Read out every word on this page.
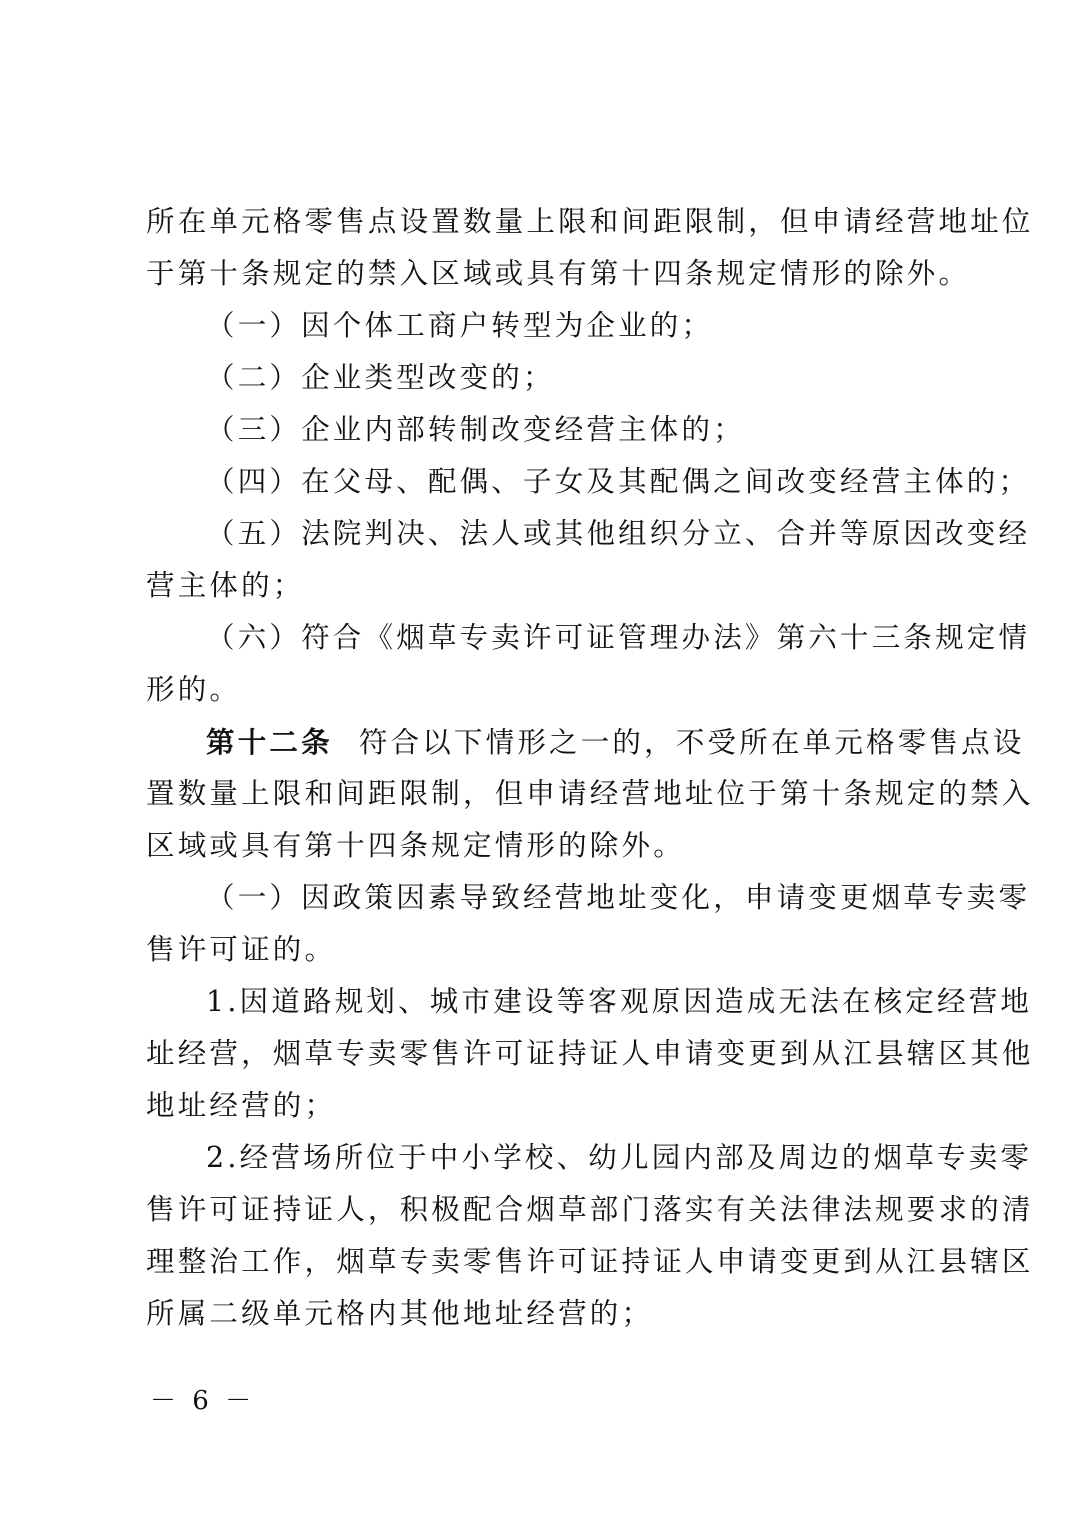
所在单元格零售点设置数量上限和间距限制，但申请经营地址位
于第十条规定的禁入区域或具有第十四条规定情形的除外。
（一）因个体工商户转型为企业的；
（二）企业类型改变的；
（三）企业内部转制改变经营主体的；
（四）在父母、配偶、子女及其配偶之间改变经营主体的；
（五）法院判决、法人或其他组织分立、合并等原因改变经
营主体的；
（六）符合《烟草专卖许可证管理办法》第六十三条规定情
形的。
第十二条 符合以下情形之一的，不受所在单元格零售点设
置数量上限和间距限制，但申请经营地址位于第十条规定的禁入
区域或具有第十四条规定情形的除外。
（一）因政策因素导致经营地址变化，申请变更烟草专卖零
售许可证的。
1.因道路规划、城市建设等客观原因造成无法在核定经营地
址经营，烟草专卖零售许可证持证人申请变更到从江县辖区其他
地址经营的；
2.经营场所位于中小学校、幼儿园内部及周边的烟草专卖零
售许可证持证人，积极配合烟草部门落实有关法律法规要求的清
理整治工作，烟草专卖零售许可证持证人申请变更到从江县辖区
所属二级单元格内其他地址经营的；
－ 6 －
